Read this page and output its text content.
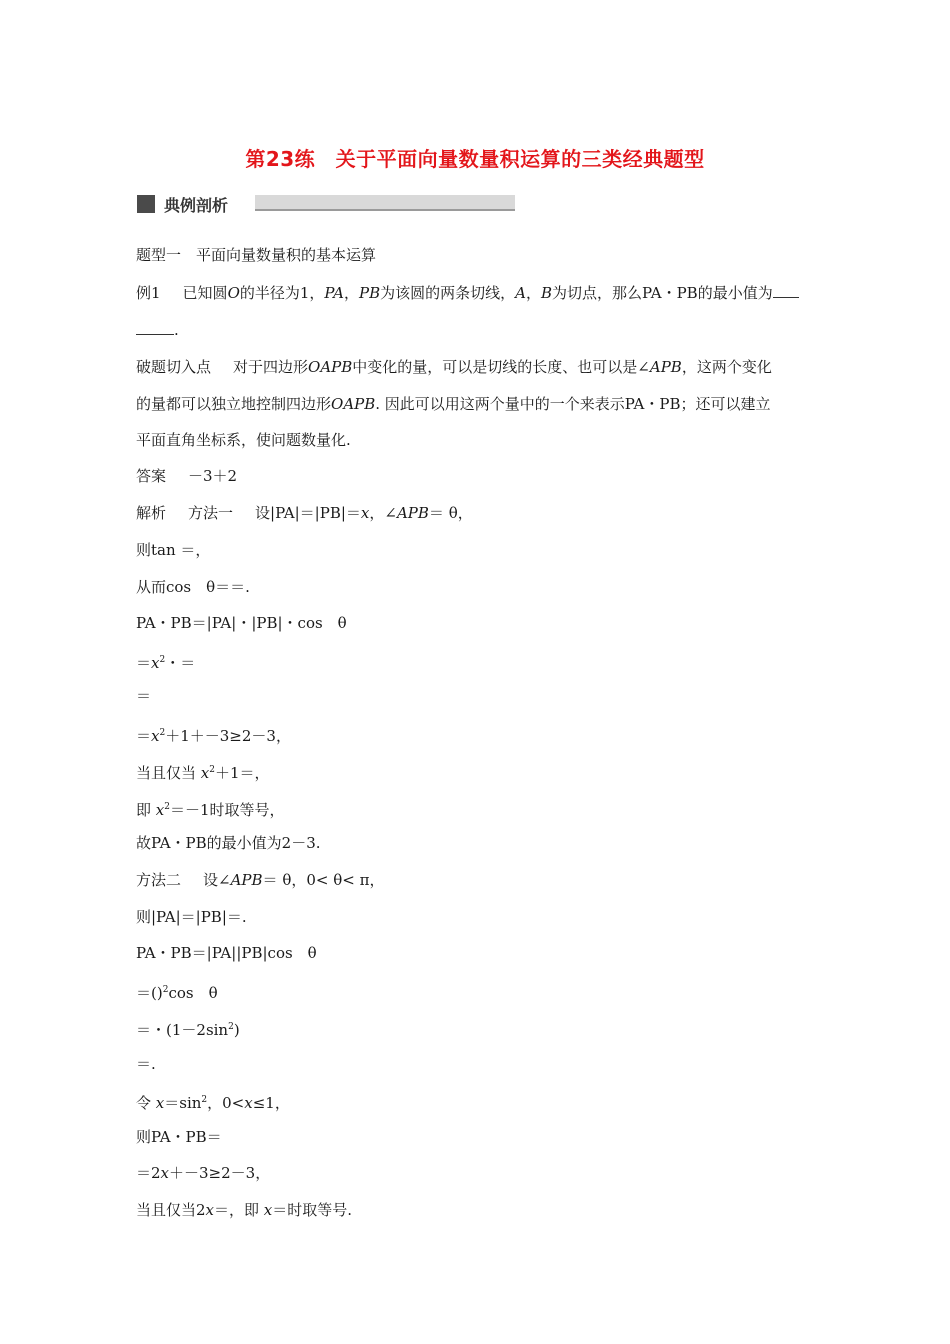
第23练　关于平面向量数量积运算的三类经典题型
典例剖析
题型一　平面向量数量积的基本运算
例1 已知圆O的半径为1，PA，PB为该圆的两条切线，A，B为切点，那么PA・PB的最小值为
.
破题切入点 对于四边形OAPB中变化的量，可以是切线的长度、也可以是∠APB，这两个变化
的量都可以独立地控制四边形OAPB. 因此可以用这两个量中的一个来表示PA・PB；还可以建立
平面直角坐标系，使问题数量化.
答案 －3＋2
解析 方法一 设|PA|＝|PB|＝x，∠APB＝ θ，
则tan ＝，
从而cos　θ＝＝.
PA・PB＝|PA|・|PB|・cos　θ
$=x^2$・＝
＝
$=x^2+1+-3\ge 2-3$，
当且仅当 $x^2+1=$，
即 $x^2=-1$时取等号，
故PA・PB的最小值为2－3.
方法二 设∠APB＝ θ，0< θ< π，
则|PA|＝|PB|＝.
PA・PB＝|PA||PB|cos　θ
＝()$^2$cos　θ
＝・$(1-2\sin^2)$
＝.
令 $x=\sin^2$，0<x≤1，
则PA・PB＝
＝2x＋－3≥2－3，
当且仅当2x＝，即 x＝时取等号.
